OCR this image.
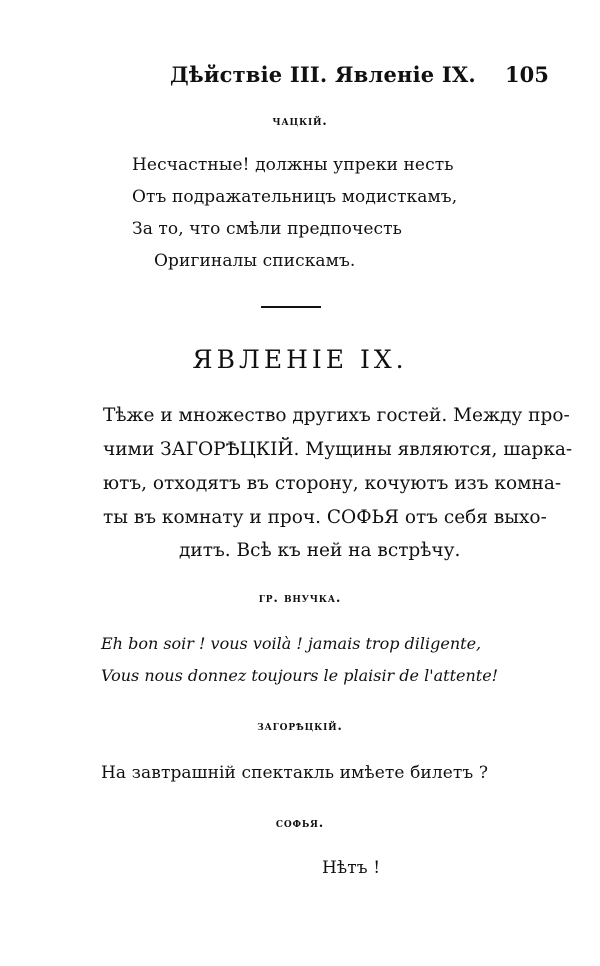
Дѣйствіе III. Явленіе IX. 105
чацкій.
Несчастные! должны упреки несть
Отъ подражательницъ модисткамъ,
За то, что смѣли предпочесть
Оригиналы спискамъ.
ЯВЛЕНІЕ IX.
Тѣже и множество другихъ гостей. Между про-
чими ЗАГОРѢЦКІЙ. Мущины являются, шарка-
ютъ, отходятъ въ сторону, кочуютъ изъ комна-
ты въ комнату и проч. СОФЬЯ отъ себя выхо-
дитъ. Всѣ къ ней на встрѣчу.
гр. внучка.
Eh bon soir ! vous voilà ! jamais trop diligente,
Vous nous donnez toujours le plaisir de l'attente!
загорѣцкій.
На завтрашній спектакль имѣете билетъ ?
софья.
Нѣтъ !
